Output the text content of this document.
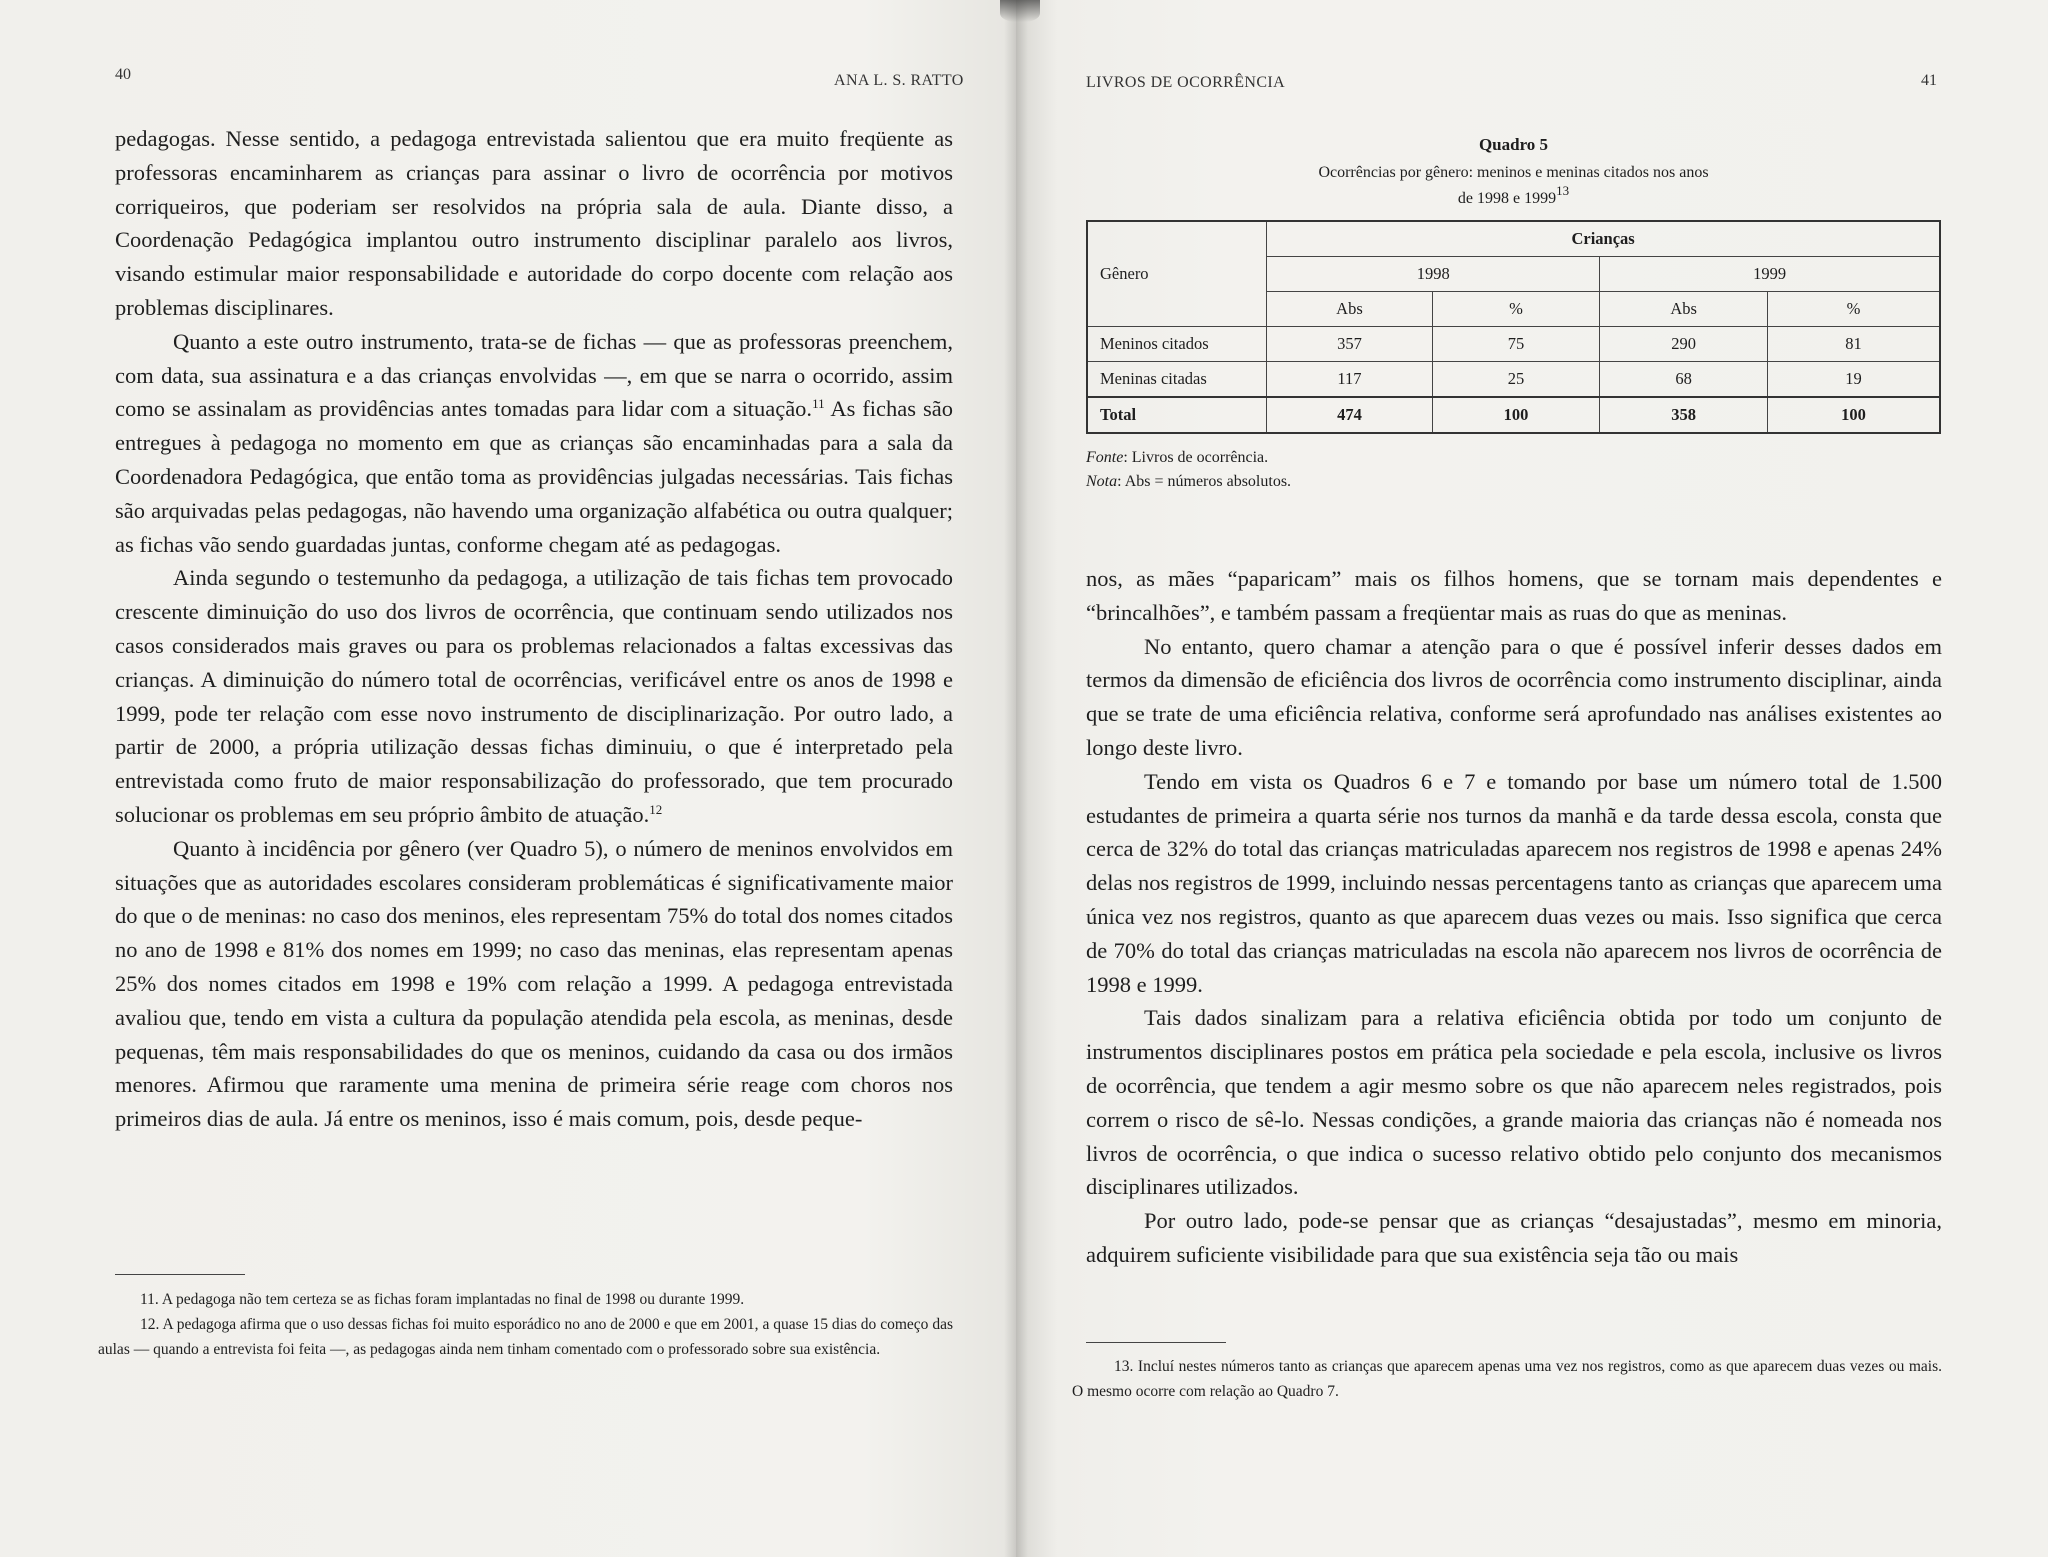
40	ANA L. S. RATTO

pedagogas. Nesse sentido, a pedagoga entrevistada salientou que era muito freqüente as professoras encaminharem as crianças para assinar o livro de ocorrência por motivos corriqueiros, que poderiam ser resolvidos na própria sala de aula. Diante disso, a Coordenação Pedagógica implantou outro instrumento disciplinar paralelo aos livros, visando estimular maior responsabilidade e autoridade do corpo docente com relação aos problemas disciplinares.

Quanto a este outro instrumento, trata-se de fichas — que as professoras preenchem, com data, sua assinatura e a das crianças envolvidas —, em que se narra o ocorrido, assim como se assinalam as providências antes tomadas para lidar com a situação.$^{11}$ As fichas são entregues à pedagoga no momento em que as crianças são encaminhadas para a sala da Coordenadora Pedagógica, que então toma as providências julgadas necessárias. Tais fichas são arquivadas pelas pedagogas, não havendo uma organização alfabética ou outra qualquer; as fichas vão sendo guardadas juntas, conforme chegam até as pedagogas.

Ainda segundo o testemunho da pedagoga, a utilização de tais fichas tem provocado crescente diminuição do uso dos livros de ocorrência, que continuam sendo utilizados nos casos considerados mais graves ou para os problemas relacionados a faltas excessivas das crianças. A diminuição do número total de ocorrências, verificável entre os anos de 1998 e 1999, pode ter relação com esse novo instrumento de disciplinarização. Por outro lado, a partir de 2000, a própria utilização dessas fichas diminuiu, o que é interpretado pela entrevistada como fruto de maior responsabilização do professorado, que tem procurado solucionar os problemas em seu próprio âmbito de atuação.$^{12}$

Quanto à incidência por gênero (ver Quadro 5), o número de meninos envolvidos em situações que as autoridades escolares consideram problemáticas é significativamente maior do que o de meninas: no caso dos meninos, eles representam 75% do total dos nomes citados no ano de 1998 e 81% dos nomes em 1999; no caso das meninas, elas representam apenas 25% dos nomes citados em 1998 e 19% com relação a 1999. A pedagoga entrevistada avaliou que, tendo em vista a cultura da população atendida pela escola, as meninas, desde pequenas, têm mais responsabilidades do que os meninos, cuidando da casa ou dos irmãos menores. Afirmou que raramente uma menina de primeira série reage com choros nos primeiros dias de aula. Já entre os meninos, isso é mais comum, pois, desde peque-

11. A pedagoga não tem certeza se as fichas foram implantadas no final de 1998 ou durante 1999.

12. A pedagoga afirma que o uso dessas fichas foi muito esporádico no ano de 2000 e que em 2001, a quase 15 dias do começo das aulas — quando a entrevista foi feita —, as pedagogas ainda nem tinham comentado com o professorado sobre sua existência.

LIVROS DE OCORRÊNCIA	41
Quadro 5
Ocorrências por gênero: meninos e meninas citados nos anos
de 1998 e 1999$^{13}$
Gênero	Crianças			
	1998		1999	
	Abs	%	Abs	%
Meninos citados	357	75	290	81
Meninas citadas	117	25	68	19
Total	474	100	358	100
Fonte: Livros de ocorrência.
Nota: Abs = números absolutos.

nos, as mães “paparicam” mais os filhos homens, que se tornam mais dependentes e “brincalhões”, e também passam a freqüentar mais as ruas do que as meninas.

No entanto, quero chamar a atenção para o que é possível inferir desses dados em termos da dimensão de eficiência dos livros de ocorrência como instrumento disciplinar, ainda que se trate de uma eficiência relativa, conforme será aprofundado nas análises existentes ao longo deste livro.

Tendo em vista os Quadros 6 e 7 e tomando por base um número total de 1.500 estudantes de primeira a quarta série nos turnos da manhã e da tarde dessa escola, consta que cerca de 32% do total das crianças matriculadas aparecem nos registros de 1998 e apenas 24% delas nos registros de 1999, incluindo nessas percentagens tanto as crianças que aparecem uma única vez nos registros, quanto as que aparecem duas vezes ou mais. Isso significa que cerca de 70% do total das crianças matriculadas na escola não aparecem nos livros de ocorrência de 1998 e 1999.

Tais dados sinalizam para a relativa eficiência obtida por todo um conjunto de instrumentos disciplinares postos em prática pela sociedade e pela escola, inclusive os livros de ocorrência, que tendem a agir mesmo sobre os que não aparecem neles registrados, pois correm o risco de sê-lo. Nessas condições, a grande maioria das crianças não é nomeada nos livros de ocorrência, o que indica o sucesso relativo obtido pelo conjunto dos mecanismos disciplinares utilizados.

Por outro lado, pode-se pensar que as crianças “desajustadas”, mesmo em minoria, adquirem suficiente visibilidade para que sua existência seja tão ou mais

13. Incluí nestes números tanto as crianças que aparecem apenas uma vez nos registros, como as que aparecem duas vezes ou mais. O mesmo ocorre com relação ao Quadro 7.
